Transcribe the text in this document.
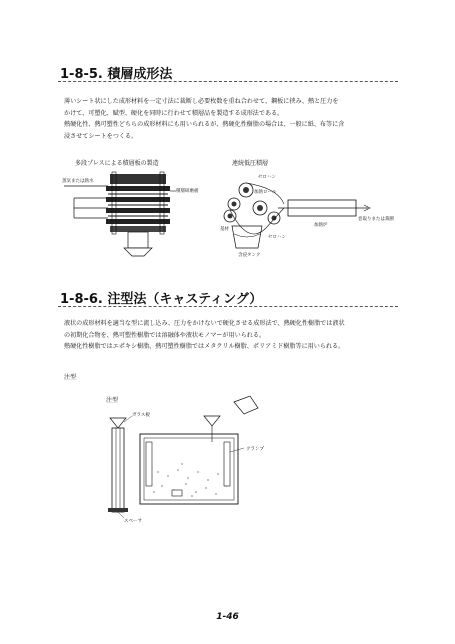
1-8-5. 積層成形法
薄いシート状にした成形材料を一定寸法に裁断し必要枚数を重ね合わせて、鋼板に挟み、熱と圧力を
かけて、可塑化、賦型、硬化を同時に行わせて積層品を製造する成形法である。
熱硬化性、熱可塑性どちらの成形材料にも用いられるが、熱硬化性樹脂の場合は、一般に紙、布等に含
浸させてシートをつくる。
多段プレスによる積層板の製造	連続低圧積層
蒸気または熱水
積層研磨板
セロハン
加熱ロール
基材
セロハン
加熱炉
巻取りまたは裁断
含浸タンク
1-8-6. 注型法（キャスティング）
液状の成形材料を適当な型に流し込み、圧力をかけないで硬化させる成形法で、熱硬化性樹脂では液状
の初期化合物を、熱可塑性樹脂では溶融体や液状モノマーが用いられる。
熱硬化性樹脂ではエポキシ樹脂、熱可塑性樹脂ではメタクリル樹脂、ポリアミド樹脂等に用いられる。
注型
注型
ガラス板
クランプ
スペーサ
1-46
